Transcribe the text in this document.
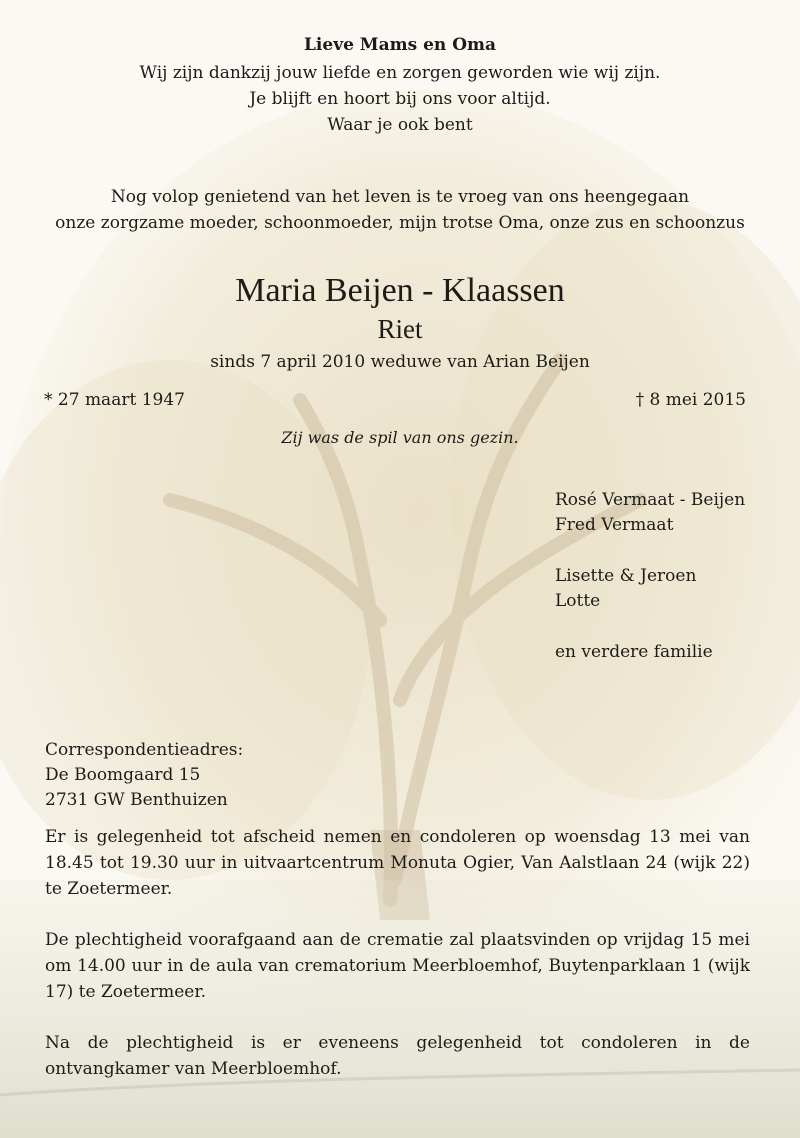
Lieve Mams en Oma
Wij zijn dankzij jouw liefde en zorgen geworden wie wij zijn.
Je blijft en hoort bij ons voor altijd.
Waar je ook bent
Nog volop genietend van het leven is te vroeg van ons heengegaan
onze zorgzame moeder, schoonmoeder, mijn trotse Oma, onze zus en schoonzus
Maria Beijen - Klaassen
Riet
sinds 7 april 2010 weduwe van Arian Beijen
* 27 maart 1947	† 8 mei 2015
Zij was de spil van ons gezin.
Rosé Vermaat - Beijen
Fred Vermaat
Lisette & Jeroen
Lotte
en verdere familie
Correspondentieadres:
De Boomgaard 15
2731 GW Benthuizen
Er is gelegenheid tot afscheid nemen en condoleren op woensdag 13 mei van 18.45 tot 19.30 uur in uitvaartcentrum Monuta Ogier, Van Aalstlaan 24 (wijk 22) te Zoetermeer.
De plechtigheid voorafgaand aan de crematie zal plaatsvinden op vrijdag 15 mei om 14.00 uur in de aula van crematorium Meerbloemhof, Buytenparklaan 1 (wijk 17) te Zoetermeer.
Na de plechtigheid is er eveneens gelegenheid tot condoleren in de ontvangkamer van Meerbloemhof.
